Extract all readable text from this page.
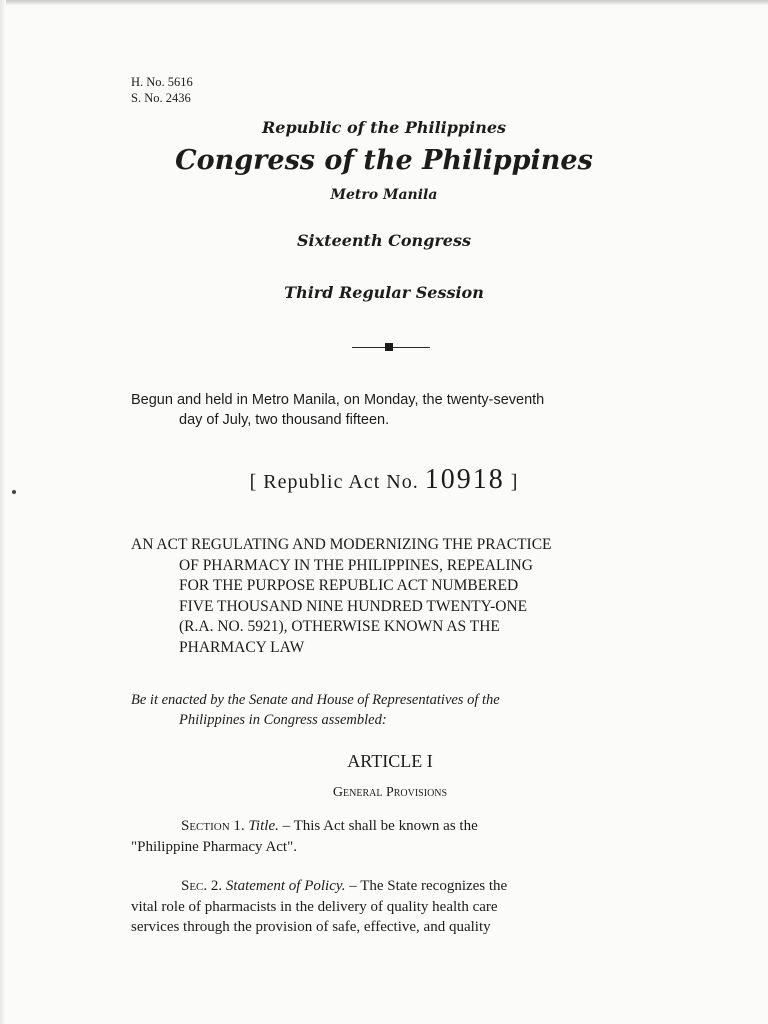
H. No. 5616
S. No. 2436
Republic of the Philippines
Congress of the Philippines
Metro Manila
Sixteenth Congress
Third Regular Session
Begun and held in Metro Manila, on Monday, the twenty-seventh
day of July, two thousand fifteen.
[ Republic Act No. 10918 ]
AN ACT REGULATING AND MODERNIZING THE PRACTICE
OF PHARMACY IN THE PHILIPPINES, REPEALING
FOR THE PURPOSE REPUBLIC ACT NUMBERED
FIVE THOUSAND NINE HUNDRED TWENTY-ONE
(R.A. NO. 5921), OTHERWISE KNOWN AS THE
PHARMACY LAW
Be it enacted by the Senate and House of Representatives of the
Philippines in Congress assembled:
ARTICLE I
General Provisions
Section 1. Title. – This Act shall be known as the
"Philippine Pharmacy Act".
Sec. 2. Statement of Policy. – The State recognizes the
vital role of pharmacists in the delivery of quality health care
services through the provision of safe, effective, and quality
